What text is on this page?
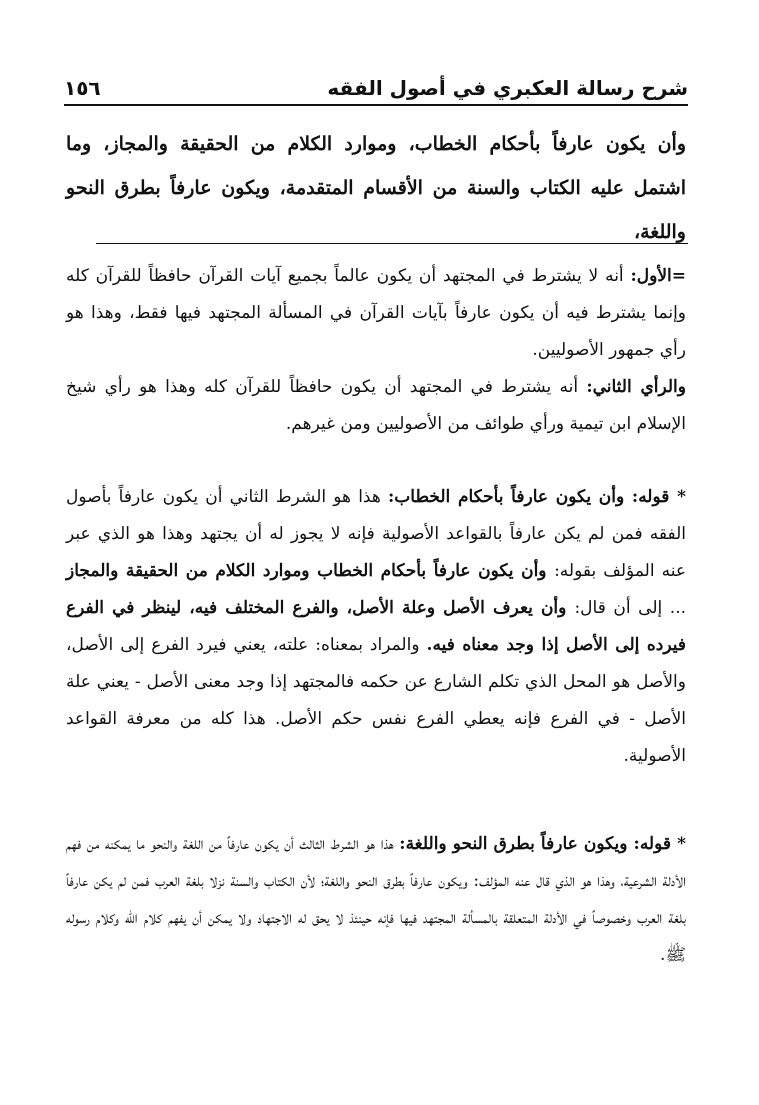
١٥٦	شرح رسالة العكبري في أصول الفقه
وأن يكون عارفاً بأحكام الخطاب، وموارد الكلام من الحقيقة والمجاز، وما اشتمل عليه الكتاب والسنة من الأقسام المتقدمة، ويكون عارفاً بطرق النحو واللغة،

=الأول: أنه لا يشترط في المجتهد أن يكون عالماً بجميع آيات القرآن حافظاً للقرآن كله وإنما يشترط فيه أن يكون عارفاً بآيات القرآن في المسألة المجتهد فيها فقط، وهذا هو رأي جمهور الأصوليين.

والرأي الثاني: أنه يشترط في المجتهد أن يكون حافظاً للقرآن كله وهذا هو رأي شيخ الإسلام ابن تيمية ورأي طوائف من الأصوليين ومن غيرهم.

* قوله: وأن يكون عارفاً بأحكام الخطاب: هذا هو الشرط الثاني أن يكون عارفاً بأصول الفقه فمن لم يكن عارفاً بالقواعد الأصولية فإنه لا يجوز له أن يجتهد وهذا هو الذي عبر عنه المؤلف بقوله: وأن يكون عارفاً بأحكام الخطاب وموارد الكلام من الحقيقة والمجاز ... إلى أن قال: وأن يعرف الأصل وعلة الأصل، والفرع المختلف فيه، لينظر في الفرع فيرده إلى الأصل إذا وجد معناه فيه. والمراد بمعناه: علته، يعني فيرد الفرع إلى الأصل، والأصل هو المحل الذي تكلم الشارع عن حكمه فالمجتهد إذا وجد معنى الأصل - يعني علة الأصل - في الفرع فإنه يعطي الفرع نفس حكم الأصل. هذا كله من معرفة القواعد الأصولية.

* قوله: ويكون عارفاً بطرق النحو واللغة: هذا هو الشرط الثالث أن يكون عارفاً من اللغة والنحو ما يمكنه من فهم الأدلة الشرعية، وهذا هو الذي قال عنه المؤلف: ويكون عارفاً بطرق النحو واللغة؛ لأن الكتاب والسنة نزلا بلغة العرب فمن لم يكن عارفاً بلغة العرب وخصوصاً في الأدلة المتعلقة بالمسألة المجتهد فيها فإنه حينئذ لا يحق له الاجتهاد ولا يمكن أن يفهم كلام الله وكلام رسوله ﷺ.
